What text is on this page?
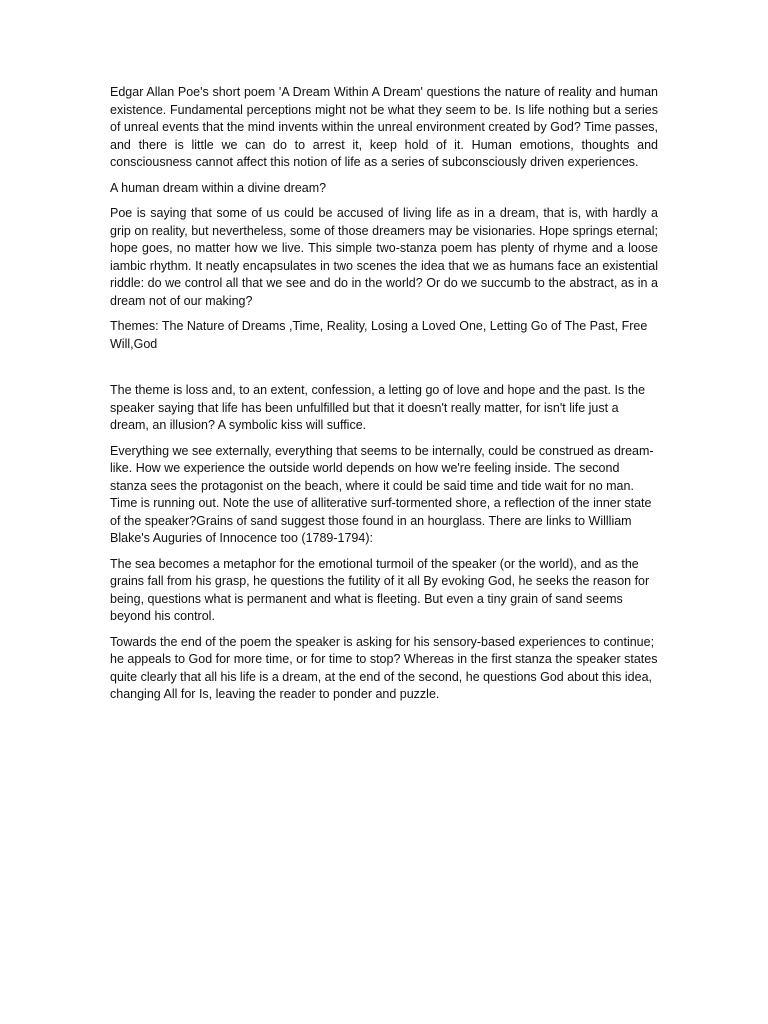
Edgar Allan Poe's short poem 'A Dream Within A Dream' questions the nature of reality and human existence. Fundamental perceptions might not be what they seem to be. Is life nothing but a series of unreal events that the mind invents within the unreal environment created by God? Time passes, and there is little we can do to arrest it, keep hold of it. Human emotions, thoughts and consciousness cannot affect this notion of life as a series of subconsciously driven experiences.

A human dream within a divine dream?

Poe is saying that some of us could be accused of living life as in a dream, that is, with hardly a grip on reality, but nevertheless, some of those dreamers may be visionaries. Hope springs eternal; hope goes, no matter how we live. This simple two-stanza poem has plenty of rhyme and a loose iambic rhythm. It neatly encapsulates in two scenes the idea that we as humans face an existential riddle: do we control all that we see and do in the world? Or do we succumb to the abstract, as in a dream not of our making?

Themes: The Nature of Dreams ,Time, Reality, Losing a Loved One, Letting Go of The Past, Free Will,God

The theme is loss and, to an extent, confession, a letting go of love and hope and the past. Is the speaker saying that life has been unfulfilled but that it doesn't really matter, for isn't life just a dream, an illusion? A symbolic kiss will suffice.

Everything we see externally, everything that seems to be internally, could be construed as dream-like. How we experience the outside world depends on how we're feeling inside. The second stanza sees the protagonist on the beach, where it could be said time and tide wait for no man. Time is running out. Note the use of alliterative surf-tormented shore, a reflection of the inner state of the speaker?Grains of sand suggest those found in an hourglass. There are links to Willliam Blake's Auguries of Innocence too (1789-1794):

The sea becomes a metaphor for the emotional turmoil of the speaker (or the world), and as the grains fall from his grasp, he questions the futility of it all By evoking God, he seeks the reason for being, questions what is permanent and what is fleeting. But even a tiny grain of sand seems beyond his control.

Towards the end of the poem the speaker is asking for his sensory-based experiences to continue; he appeals to God for more time, or for time to stop? Whereas in the first stanza the speaker states quite clearly that all his life is a dream, at the end of the second, he questions God about this idea, changing All for Is, leaving the reader to ponder and puzzle.
